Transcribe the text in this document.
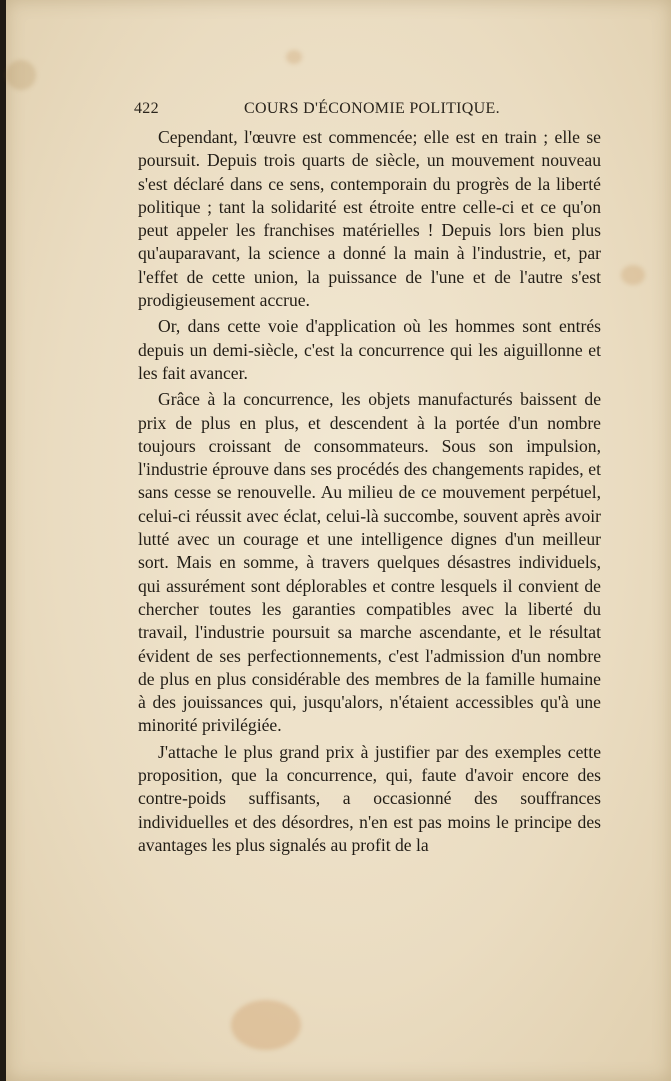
422	COURS D'ÉCONOMIE POLITIQUE.

Cependant, l'œuvre est commencée; elle est en train ; elle se poursuit. Depuis trois quarts de siècle, un mouvement nouveau s'est déclaré dans ce sens, contemporain du progrès de la liberté politique ; tant la solidarité est étroite entre celle-ci et ce qu'on peut appeler les franchises matérielles ! Depuis lors bien plus qu'auparavant, la science a donné la main à l'industrie, et, par l'effet de cette union, la puissance de l'une et de l'autre s'est prodigieusement accrue.

Or, dans cette voie d'application où les hommes sont entrés depuis un demi-siècle, c'est la concurrence qui les aiguillonne et les fait avancer.

Grâce à la concurrence, les objets manufacturés baissent de prix de plus en plus, et descendent à la portée d'un nombre toujours croissant de consommateurs. Sous son impulsion, l'industrie éprouve dans ses procédés des changements rapides, et sans cesse se renouvelle. Au milieu de ce mouvement perpétuel, celui-ci réussit avec éclat, celui-là succombe, souvent après avoir lutté avec un courage et une intelligence dignes d'un meilleur sort. Mais en somme, à travers quelques désastres individuels, qui assurément sont déplorables et contre lesquels il convient de chercher toutes les garanties compatibles avec la liberté du travail, l'industrie poursuit sa marche ascendante, et le résultat évident de ses perfectionnements, c'est l'admission d'un nombre de plus en plus considérable des membres de la famille humaine à des jouissances qui, jusqu'alors, n'étaient accessibles qu'à une minorité privilégiée.

J'attache le plus grand prix à justifier par des exemples cette proposition, que la concurrence, qui, faute d'avoir encore des contre-poids suffisants, a occasionné des souffrances individuelles et des désordres, n'en est pas moins le principe des avantages les plus signalés au profit de la
